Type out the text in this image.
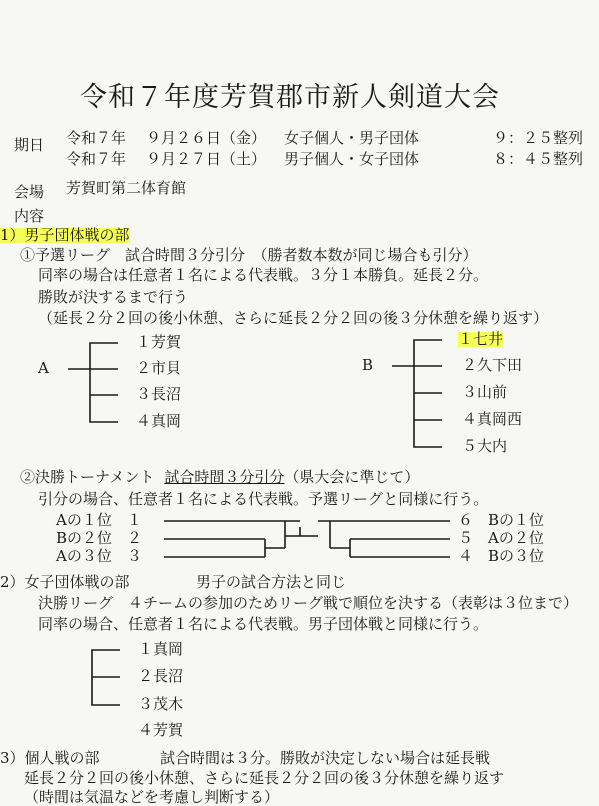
令和７年度芳賀郡市新人剣道大会
期日 令和７年 ９月２６日（金） 女子個人・男子団体	９：２５整列
令和７年 ９月２７日（土） 男子個人・女子団体	８：４５整列
会場 芳賀町第二体育館
内容
1）男子団体戦の部
①予選リーグ　試合時間３分引分　（勝者数本数が同じ場合も引分）
同率の場合は任意者１名による代表戦。３分１本勝負。延長２分。
勝敗が決するまで行う
（延長２分２回の後小休憩、さらに延長２分２回の後３分休憩を繰り返す）
A
１芳賀
２市貝
３長沼
４真岡
B
１七井
２久下田
３山前
４真岡西
５大内
②決勝トーナメント 試合時間３分引分（県大会に準じて）
引分の場合、任意者１名による代表戦。予選リーグと同様に行う。
Aの１位　１
Bの２位　２
Aの３位　３
６　Bの１位
５　Aの２位
４　Bの３位
2）女子団体戦の部	男子の試合方法と同じ
決勝リーグ　４チームの参加のためリーグ戦で順位を決する（表彰は３位まで）
同率の場合、任意者１名による代表戦。男子団体戦と同様に行う。
１真岡
２長沼
３茂木
４芳賀
3）個人戦の部	試合時間は３分。勝敗が決定しない場合は延長戦
延長２分２回の後小休憩、さらに延長２分２回の後３分休憩を繰り返す
（時間は気温などを考慮し判断する）
